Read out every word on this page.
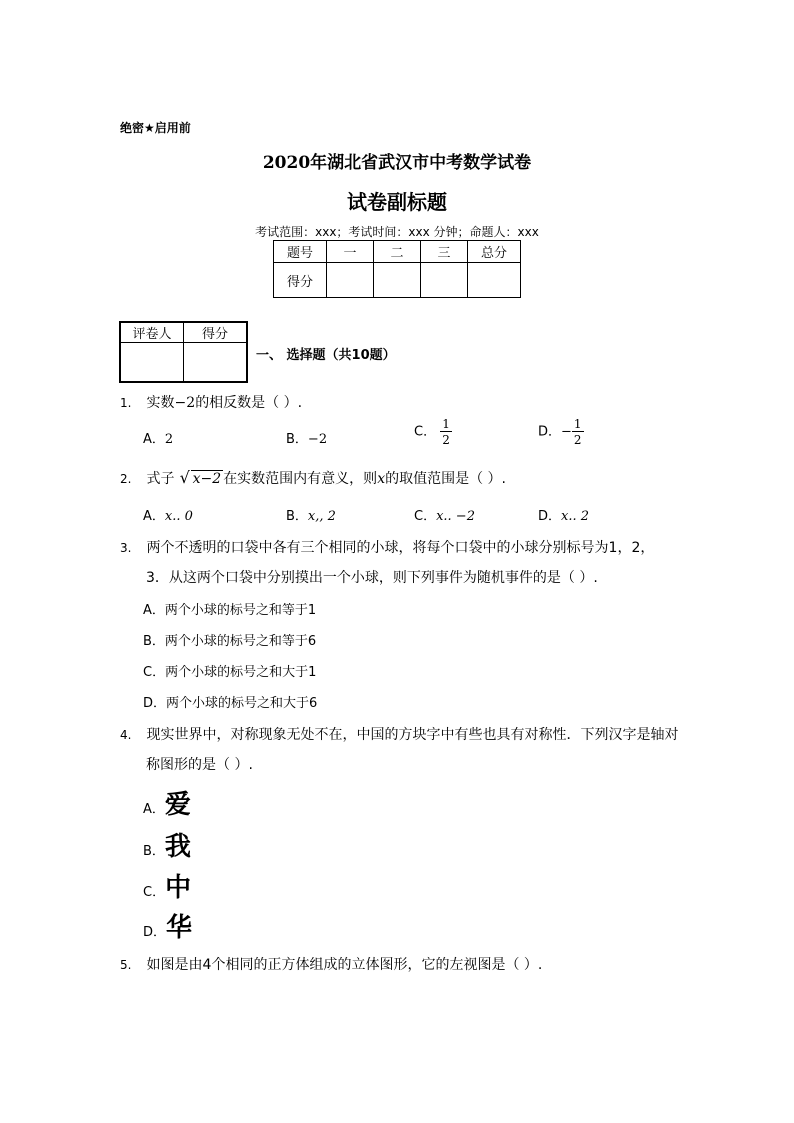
绝密★启用前
2020年湖北省武汉市中考数学试卷
试卷副标题
考试范围：xxx；考试时间：xxx 分钟；命题人：xxx
题号	一	二	三	总分
得分				
评卷人	得分

一、 选择题（共10题）
1. 实数−2的相反数是（ ）.
A．2	B．−2	C． $\frac{1}{2}$	D．− $\frac{1}{2}$
2. 式子 √ x−2 在实数范围内有意义，则x的取值范围是（ ）.
A．x.. 0	B．x,, 2	C．x.. −2	D．x.. 2
3. 两个不透明的口袋中各有三个相同的小球，将每个口袋中的小球分别标号为1，2，
3．从这两个口袋中分别摸出一个小球，则下列事件为随机事件的是（ ）.
A．两个小球的标号之和等于1
B．两个小球的标号之和等于6
C．两个小球的标号之和大于1
D．两个小球的标号之和大于6
4. 现实世界中，对称现象无处不在，中国的方块字中有些也具有对称性．下列汉字是轴对
称图形的是（ ）.
A．爱
B．我
C．中
D．华
5. 如图是由4个相同的正方体组成的立体图形，它的左视图是（ ）.
